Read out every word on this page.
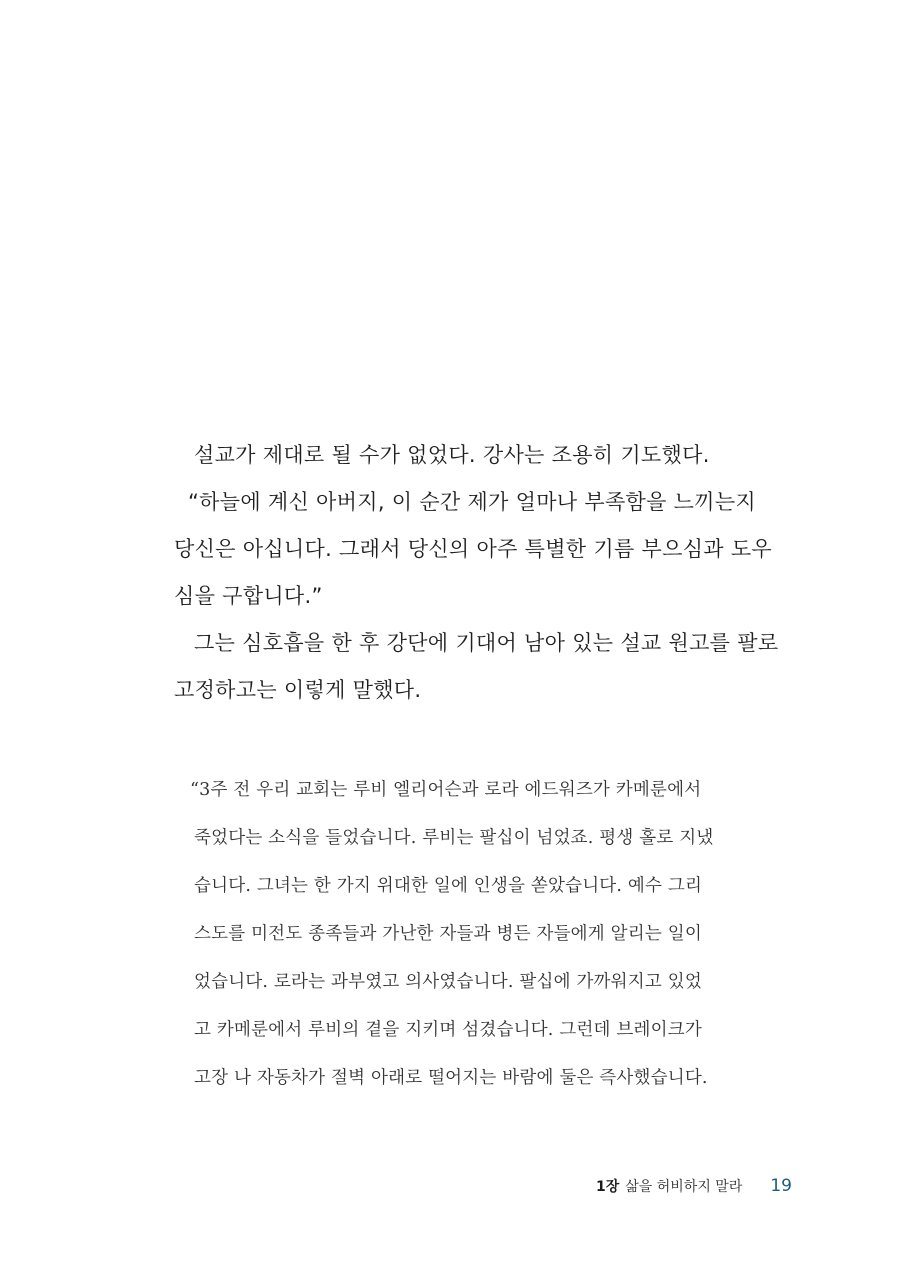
설교가 제대로 될 수가 없었다. 강사는 조용히 기도했다.
“하늘에 계신 아버지, 이 순간 제가 얼마나 부족함을 느끼는지
당신은 아십니다. 그래서 당신의 아주 특별한 기름 부으심과 도우
심을 구합니다.”
그는 심호흡을 한 후 강단에 기대어 남아 있는 설교 원고를 팔로
고정하고는 이렇게 말했다.
“3주 전 우리 교회는 루비 엘리어슨과 로라 에드워즈가 카메룬에서
죽었다는 소식을 들었습니다. 루비는 팔십이 넘었죠. 평생 홀로 지냈
습니다. 그녀는 한 가지 위대한 일에 인생을 쏟았습니다. 예수 그리
스도를 미전도 종족들과 가난한 자들과 병든 자들에게 알리는 일이
었습니다. 로라는 과부였고 의사였습니다. 팔십에 가까워지고 있었
고 카메룬에서 루비의 곁을 지키며 섬겼습니다. 그런데 브레이크가
고장 나 자동차가 절벽 아래로 떨어지는 바람에 둘은 즉사했습니다.
1장 삶을 허비하지 말라 19
